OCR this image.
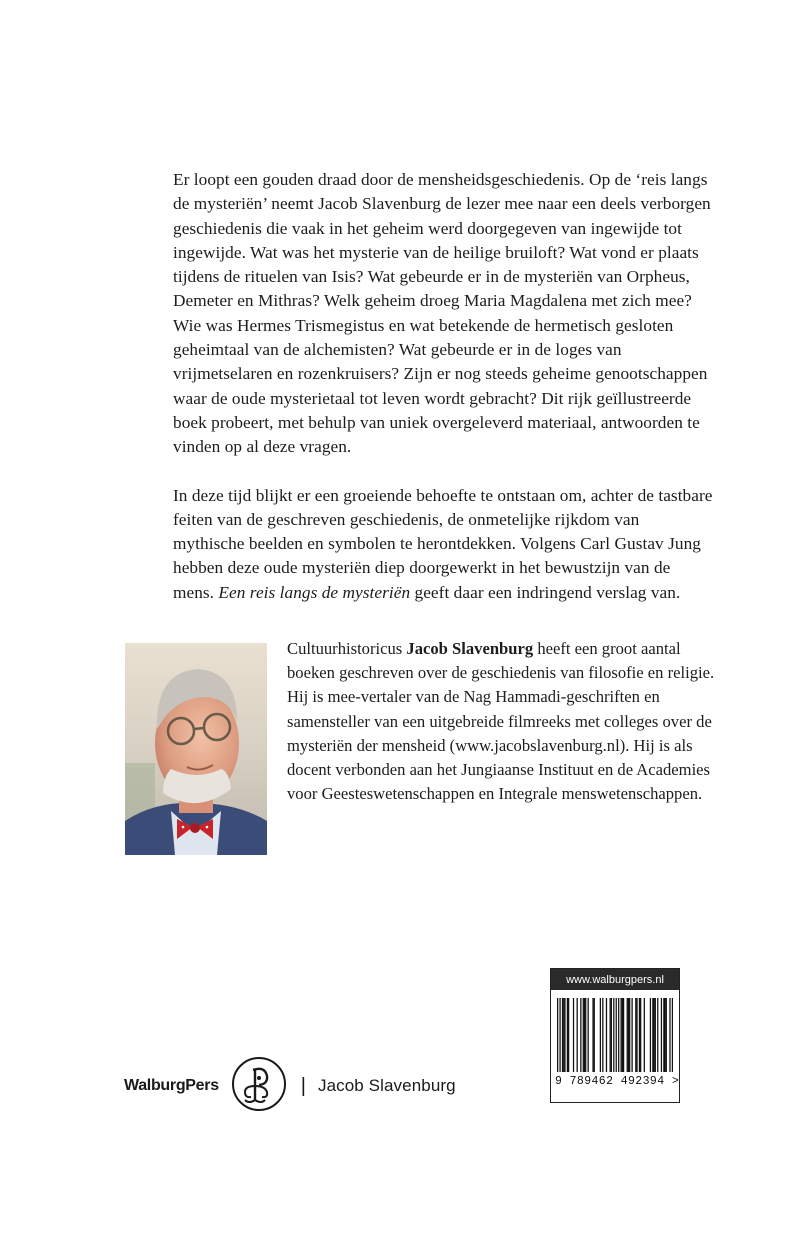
Er loopt een gouden draad door de mensheidsgeschiedenis. Op de ‘reis langs de mysteriën’ neemt Jacob Slavenburg de lezer mee naar een deels verborgen geschiedenis die vaak in het geheim werd doorgegeven van ingewijde tot ingewijde. Wat was het mysterie van de heilige bruiloft? Wat vond er plaats tijdens de rituelen van Isis? Wat gebeurde er in de mysteriën van Orpheus, Demeter en Mithras? Welk geheim droeg Maria Magdalena met zich mee? Wie was Hermes Trismegistus en wat betekende de hermetisch gesloten geheimtaal van de alchemisten? Wat gebeurde er in de loges van vrijmetselaren en rozenkruisers? Zijn er nog steeds geheime genootschappen waar de oude mysterietaal tot leven wordt gebracht? Dit rijk geïllustreerde boek probeert, met behulp van uniek overgeleverd materiaal, antwoorden te vinden op al deze vragen.

In deze tijd blijkt er een groeiende behoefte te ontstaan om, achter de tastbare feiten van de geschreven geschiedenis, de onmetelijke rijkdom van mythische beelden en symbolen te herontdekken. Volgens Carl Gustav Jung hebben deze oude mysteriën diep doorgewerkt in het bewustzijn van de mens. Een reis langs de mysteriën geeft daar een indringend verslag van.

Cultuurhistoricus Jacob Slavenburg heeft een groot aantal boeken geschreven over de geschiedenis van filosofie en religie. Hij is mee-vertaler van de Nag Hammadi-geschriften en samensteller van een uitgebreide filmreeks met colleges over de mysteriën der mensheid (www.jacobslavenburg.nl). Hij is als docent verbonden aan het Jungiaanse Instituut en de Academies voor Geesteswetenschappen en Integrale menswetenschappen.

WalburgPers	| Jacob Slavenburg
www.walburgpers.nl
9 789462 492394 >
